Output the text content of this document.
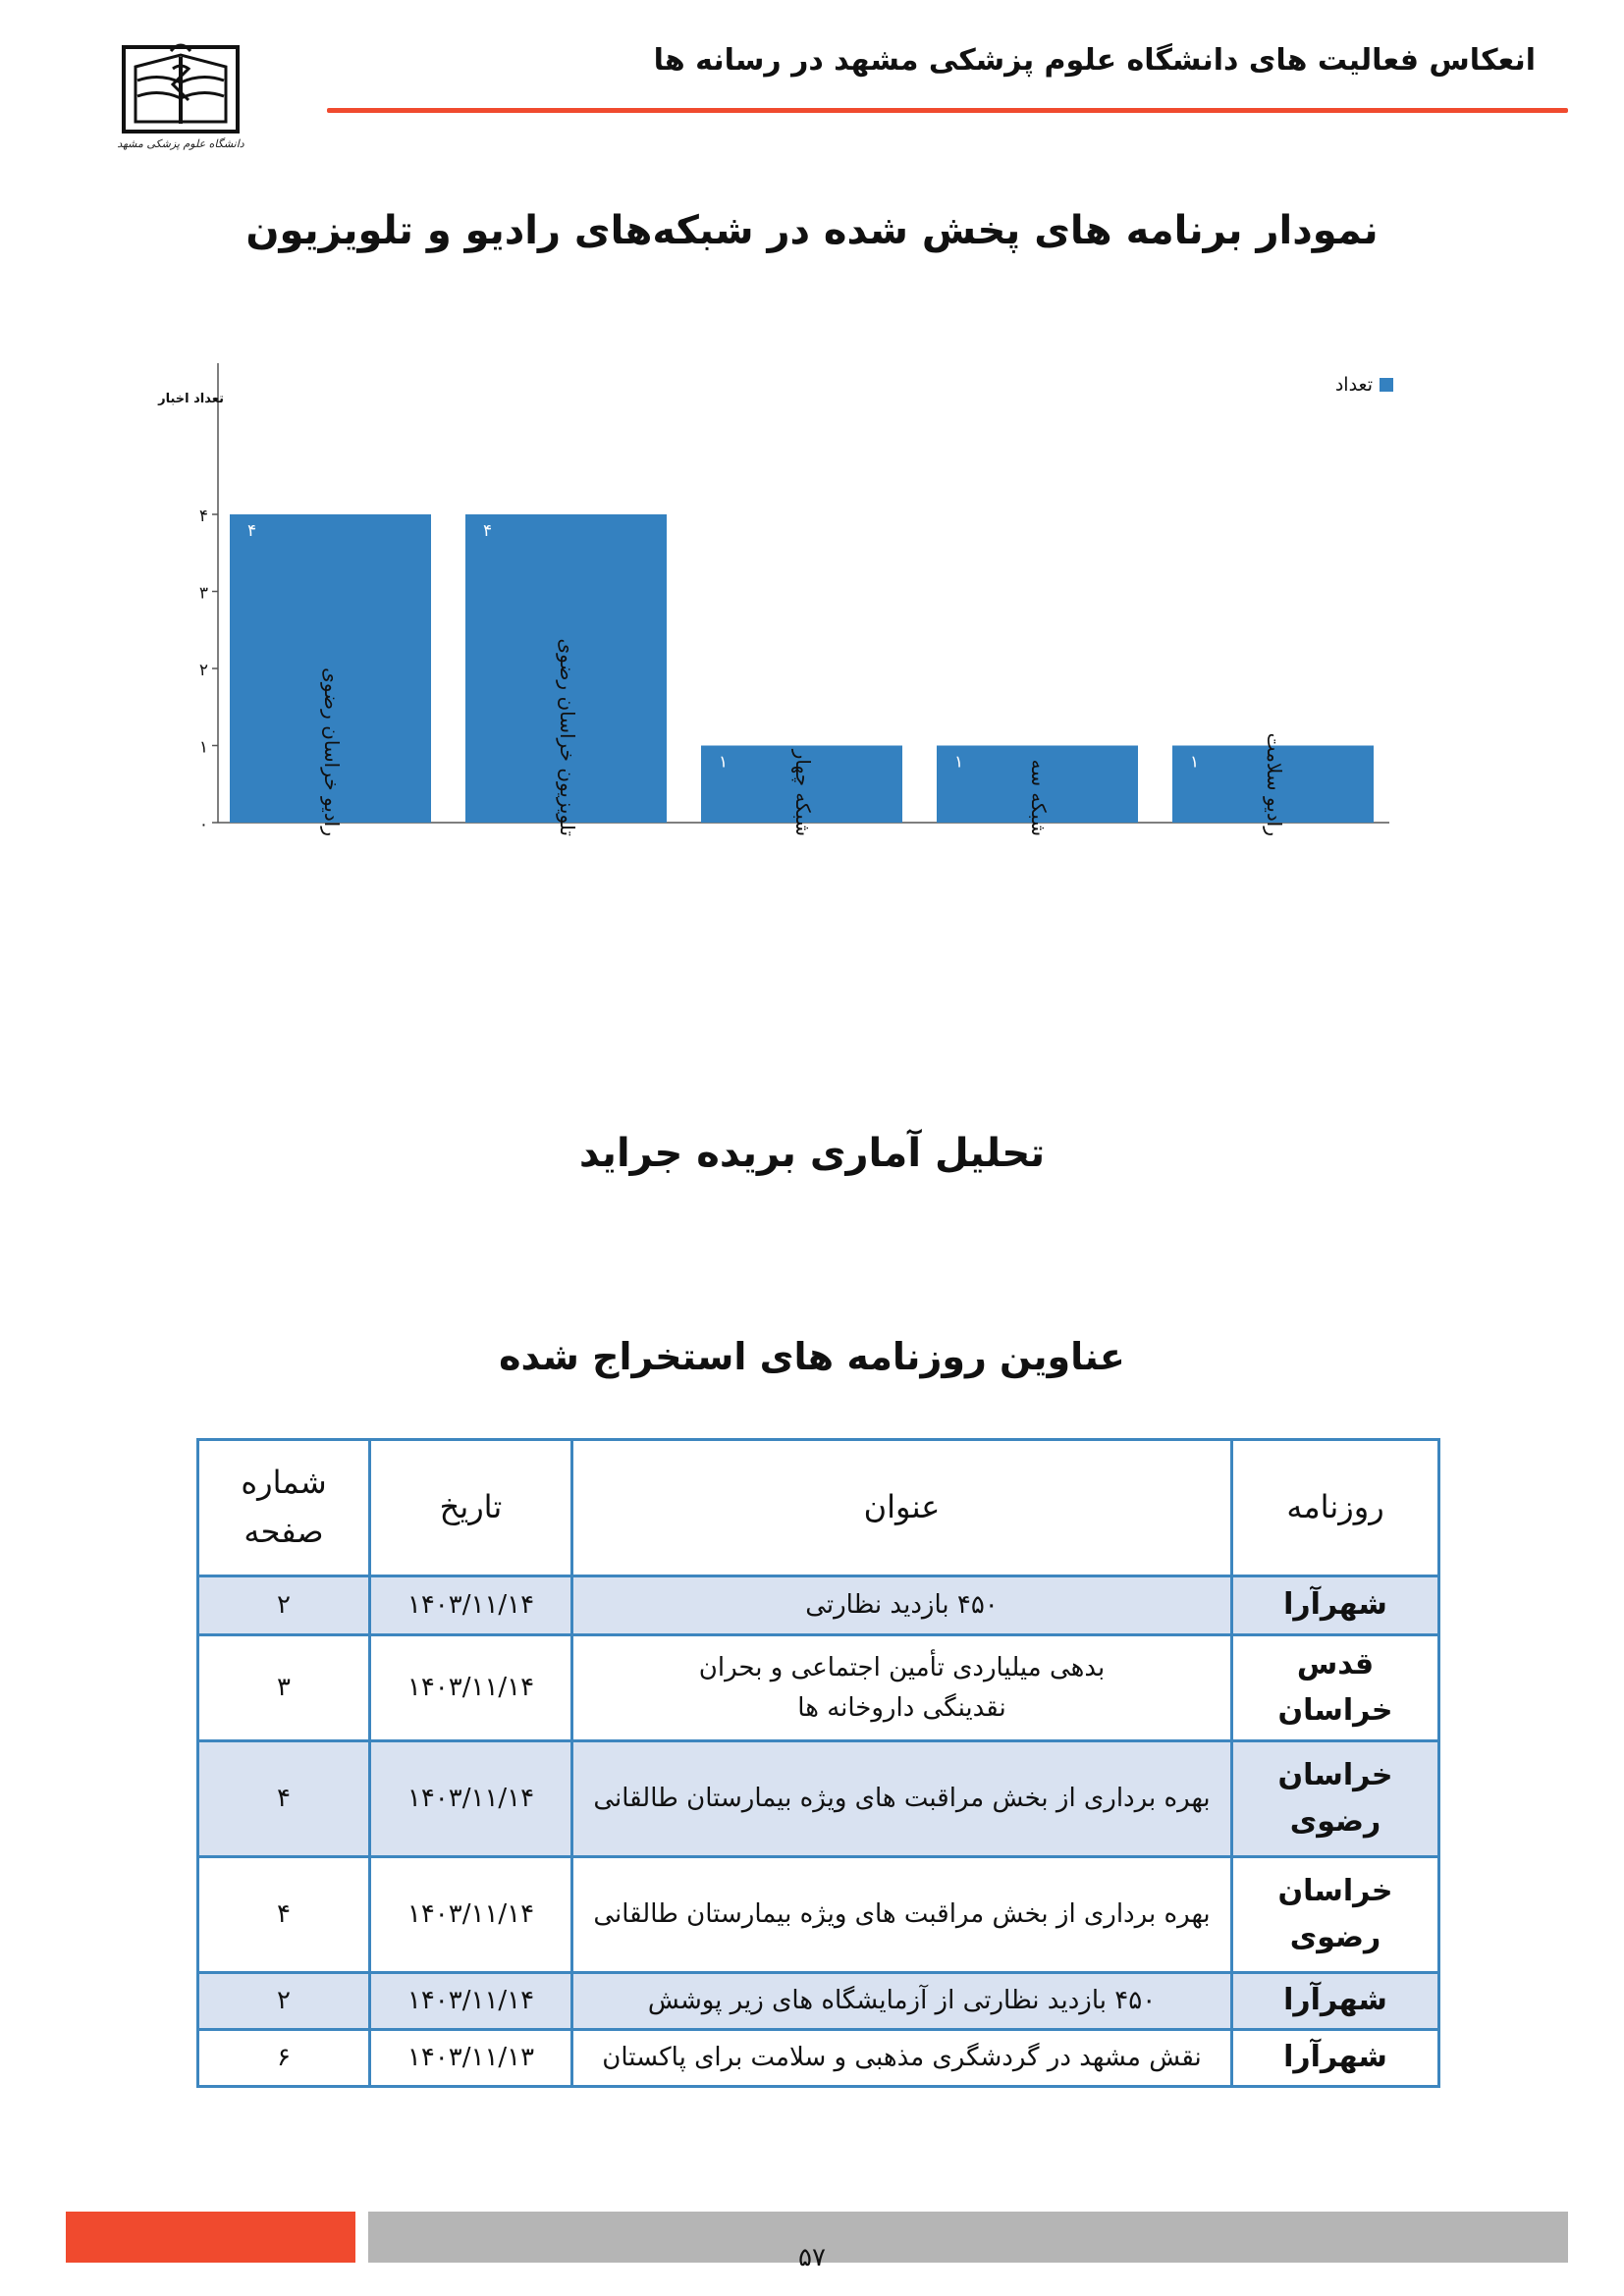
انعکاس فعالیت های دانشگاه علوم پزشکی مشهد در رسانه ها
دانشگاه علوم پزشکی مشهد
نمودار برنامه های پخش شده در شبکه‌های رادیو و تلویزیون
تعداد اخبار
۰
۱
۲
۳
۴
۴	۴
۱	۱	۱
رادیو خراسان رضوی	تلویزیون خراسان رضوی	شبکه چهار	شبکه سه	رادیو سلامت
تعداد
تحلیل آماری بریده جراید
عناوین روزنامه های استخراج شده
روزنامه	عنوان	تاریخ	شماره
صفحه
شهرآرا	۴۵۰ بازدید نظارتی	۱۴۰۳/۱۱/۱۴	۲
قدس خراسان	بدهی میلیاردی تأمین اجتماعی و بحران نقدینگی داروخانه ها	۱۴۰۳/۱۱/۱۴	۳
خراسان رضوی	بهره برداری از بخش مراقبت های ویژه بیمارستان طالقانی	۱۴۰۳/۱۱/۱۴	۴
خراسان رضوی	بهره برداری از بخش مراقبت های ویژه بیمارستان طالقانی	۱۴۰۳/۱۱/۱۴	۴
شهرآرا	۴۵۰ بازدید نظارتی از آزمایشگاه های زیر پوشش	۱۴۰۳/۱۱/۱۴	۲
شهرآرا	نقش مشهد در گردشگری مذهبی و سلامت برای پاکستان	۱۴۰۳/۱۱/۱۳	۶
۵۷
